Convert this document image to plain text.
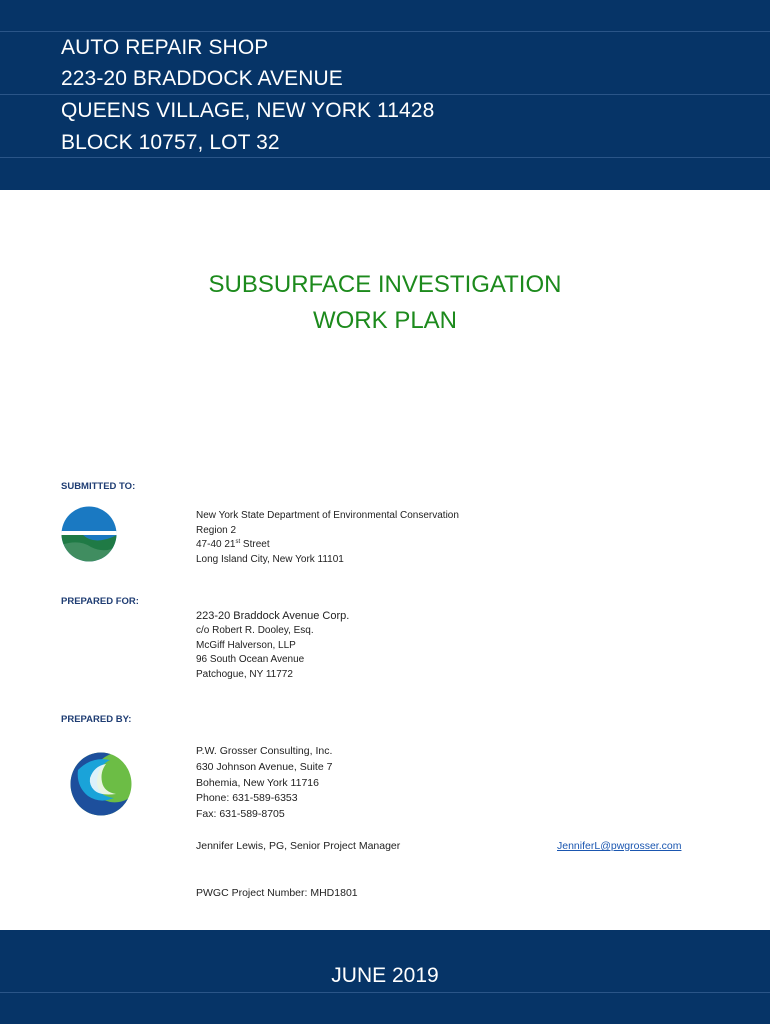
AUTO REPAIR SHOP
223-20 BRADDOCK AVENUE
QUEENS VILLAGE, NEW YORK 11428
BLOCK 10757, LOT 32
SUBSURFACE INVESTIGATION
WORK PLAN
SUBMITTED TO:
New York State Department of Environmental Conservation
Region 2
47-40 21st Street
Long Island City, New York 11101
PREPARED FOR:
223-20 Braddock Avenue Corp.
c/o Robert R. Dooley, Esq.
McGiff Halverson, LLP
96 South Ocean Avenue
Patchogue, NY 11772
PREPARED BY:
P.W. Grosser Consulting, Inc.
630 Johnson Avenue, Suite 7
Bohemia, New York 11716
Phone: 631-589-6353
Fax: 631-589-8705
Jennifer Lewis, PG, Senior Project Manager	JenniferL@pwgrosser.com
PWGC Project Number: MHD1801
JUNE 2019
